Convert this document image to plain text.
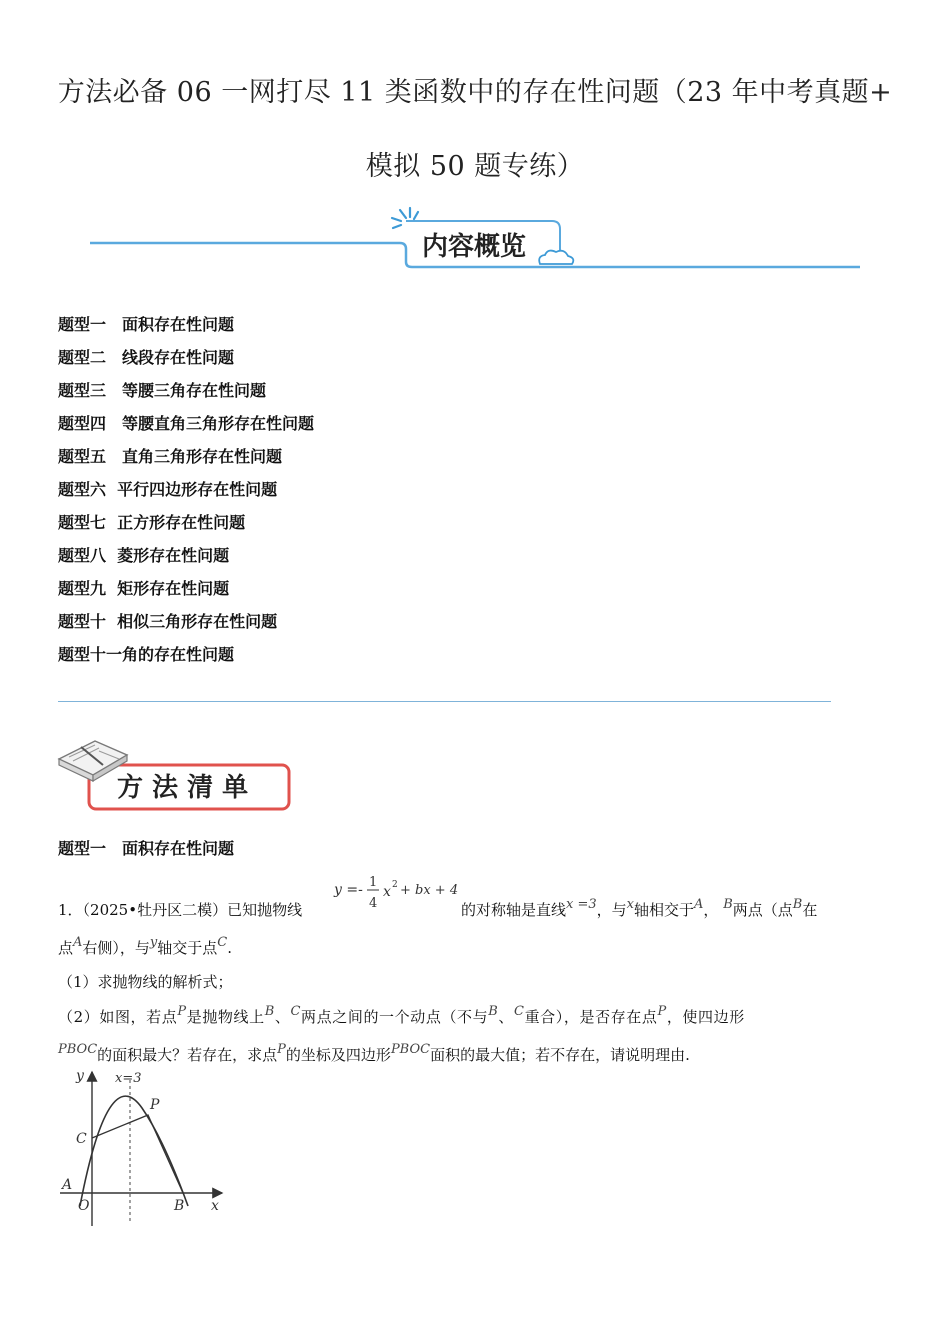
方法必备 06 一网打尽 11 类函数中的存在性问题（23 年中考真题+
模拟 50 题专练）
内容概览
题型一　面积存在性问题
题型二　线段存在性问题
题型三　等腰三角存在性问题
题型四　等腰直角三角形存在性问题
题型五　直角三角形存在性问题
题型六  平行四边形存在性问题
题型七  正方形存在性问题
题型八  菱形存在性问题
题型九  矩形存在性问题
题型十  相似三角形存在性问题
题型十一角的存在性问题
方 法 清 单
题型一　面积存在性问题
1．（2025•牡丹区二模）已知抛物线
y =- 1
4
x 2 + bx + 4
的对称轴是直线x =3，与x轴相交于A， B两点（点B在
点A右侧），与y轴交于点C.
（1）求抛物线的解析式；
（2）如图，若点P是抛物线上B、C两点之间的一个动点（不与B、C重合），是否存在点P，使四边形
PBOC的面积最大？若存在，求点P的坐标及四边形PBOC面积的最大值；若不存在，请说明理由.
y
x
x=3
O
A
B
C
P
